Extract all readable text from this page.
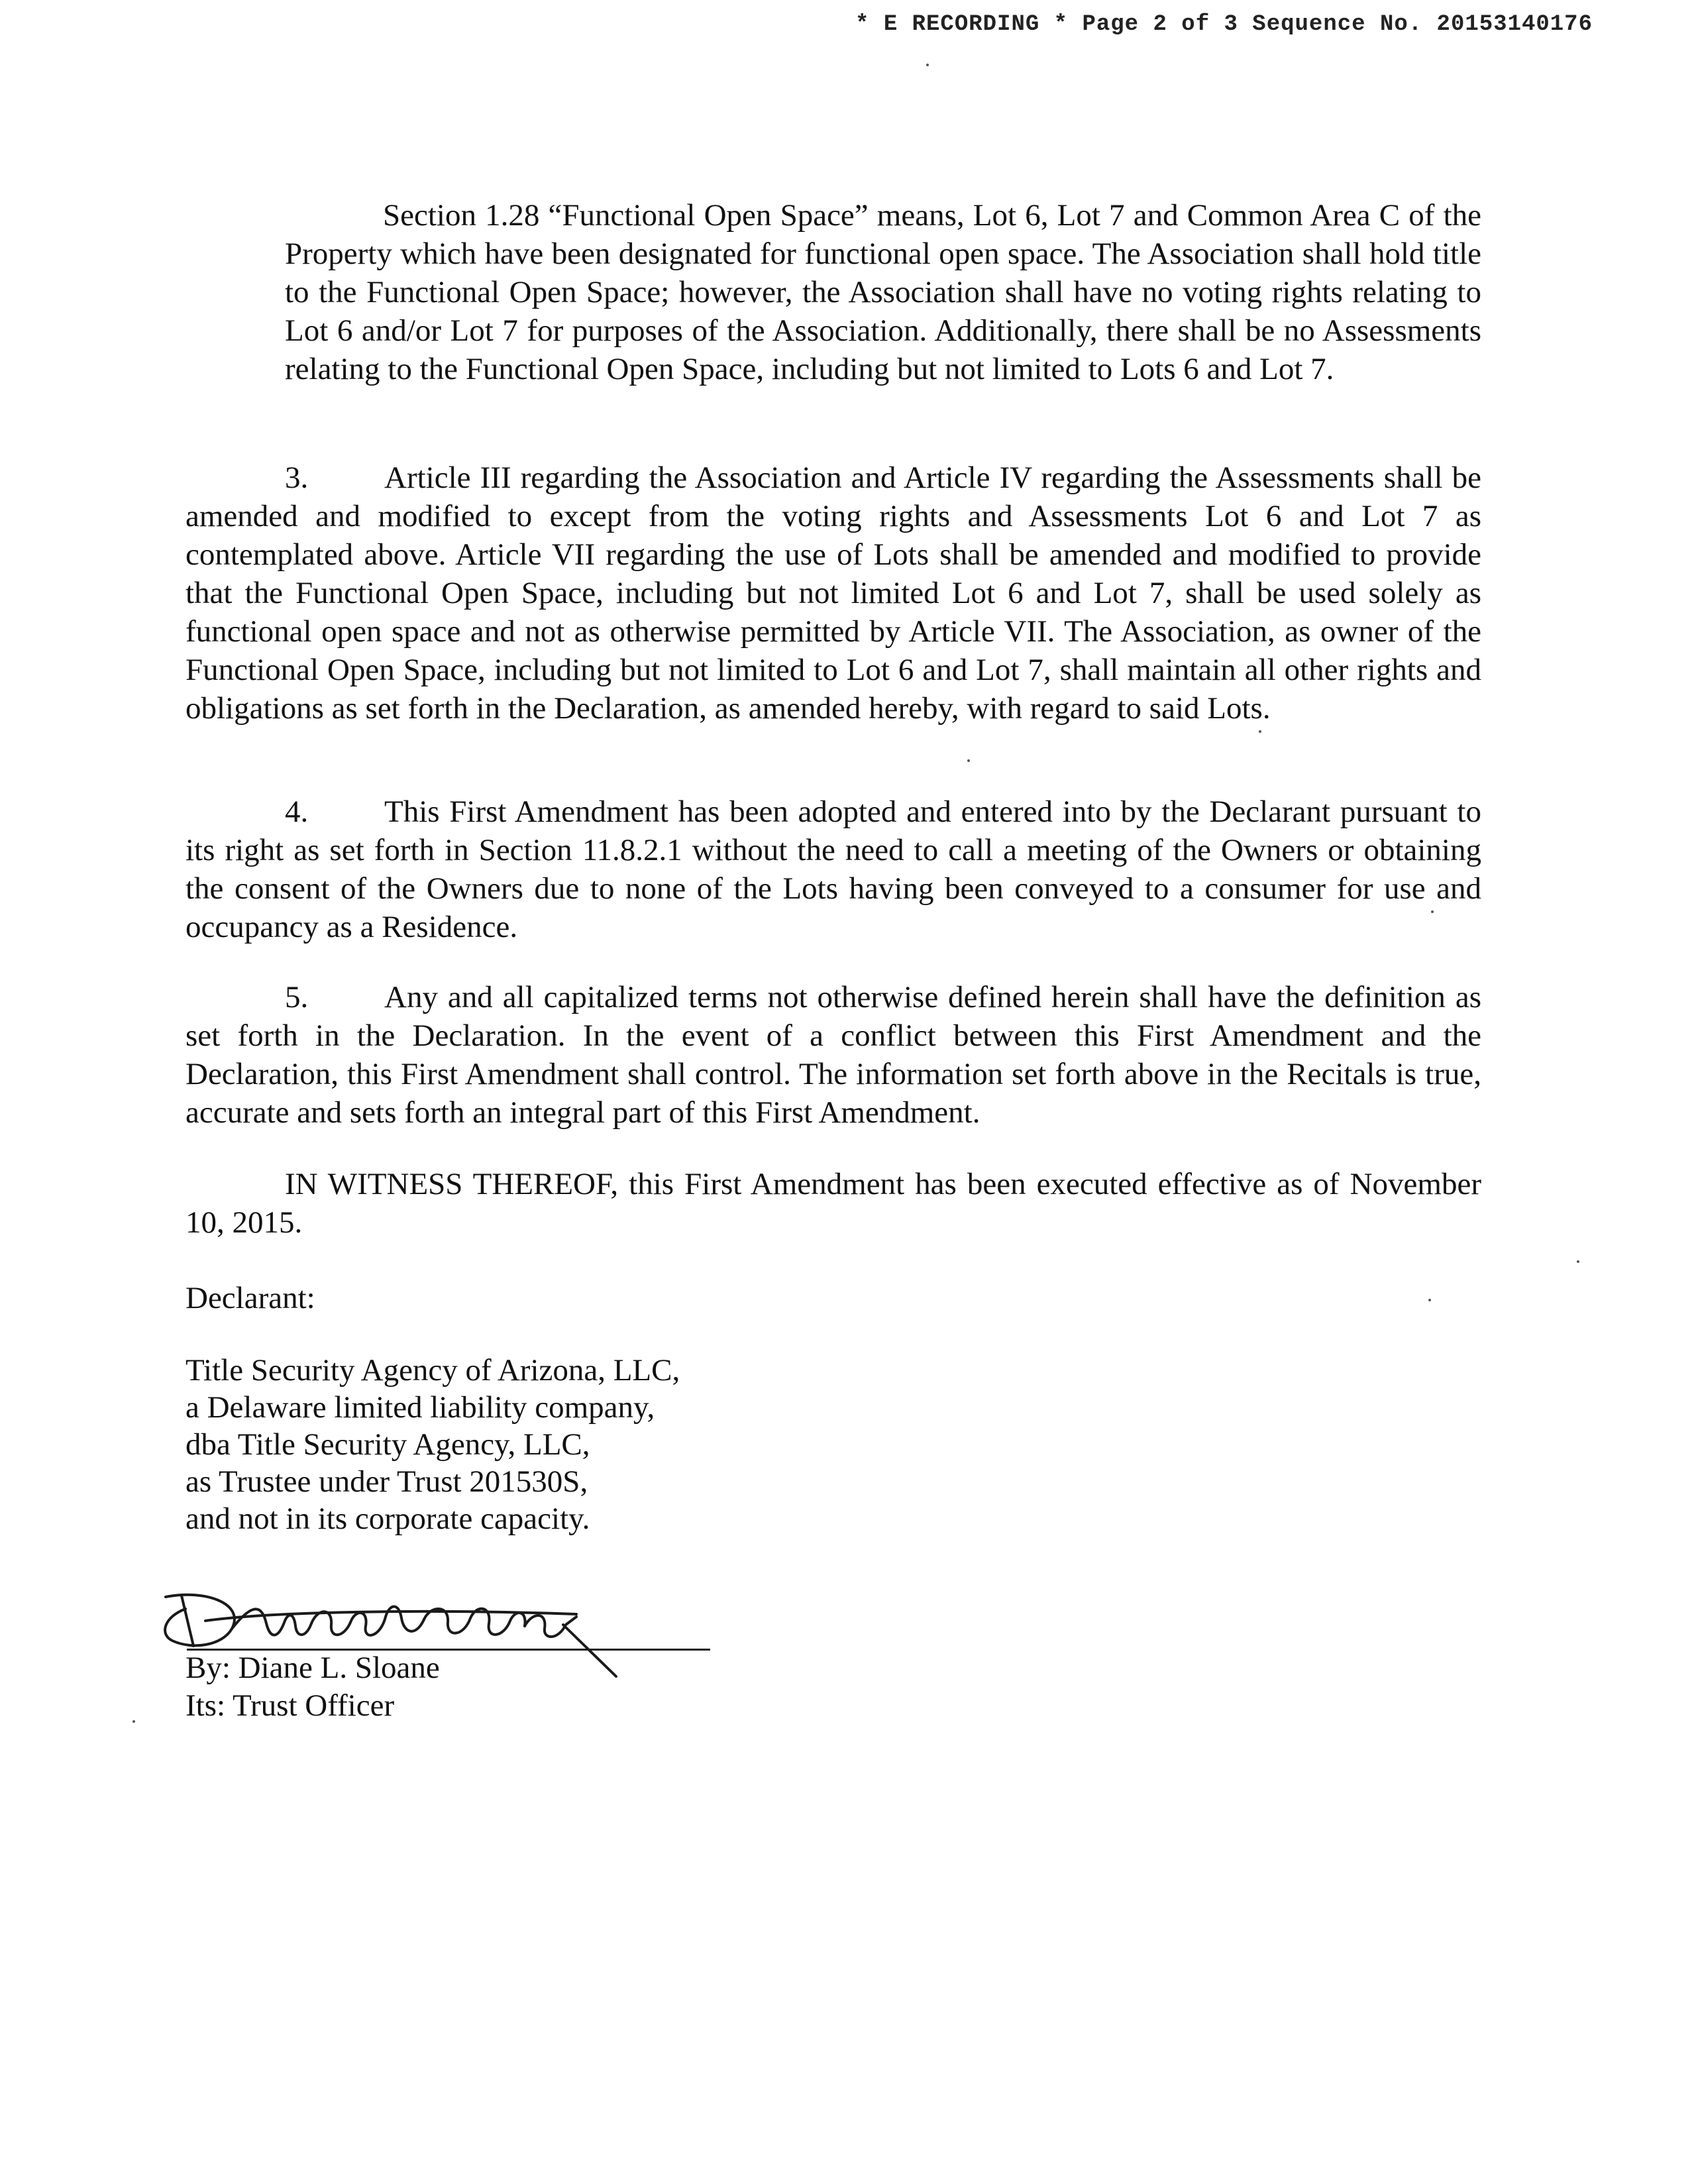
* E RECORDING * Page 2 of 3 Sequence No. 20153140176

Section 1.28 “Functional Open Space” means, Lot 6, Lot 7 and Common Area C of the Property which have been designated for functional open space. The Association shall hold title to the Functional Open Space; however, the Association shall have no voting rights relating to Lot 6 and/or Lot 7 for purposes of the Association. Additionally, there shall be no Assessments relating to the Functional Open Space, including but not limited to Lots 6 and Lot 7.

3. Article III regarding the Association and Article IV regarding the Assessments shall be amended and modified to except from the voting rights and Assessments Lot 6 and Lot 7 as contemplated above. Article VII regarding the use of Lots shall be amended and modified to provide that the Functional Open Space, including but not limited Lot 6 and Lot 7, shall be used solely as functional open space and not as otherwise permitted by Article VII. The Association, as owner of the Functional Open Space, including but not limited to Lot 6 and Lot 7, shall maintain all other rights and obligations as set forth in the Declaration, as amended hereby, with regard to said Lots.

4. This First Amendment has been adopted and entered into by the Declarant pursuant to its right as set forth in Section 11.8.2.1 without the need to call a meeting of the Owners or obtaining the consent of the Owners due to none of the Lots having been conveyed to a consumer for use and occupancy as a Residence.

5. Any and all capitalized terms not otherwise defined herein shall have the definition as set forth in the Declaration. In the event of a conflict between this First Amendment and the Declaration, this First Amendment shall control. The information set forth above in the Recitals is true, accurate and sets forth an integral part of this First Amendment.

IN WITNESS THEREOF, this First Amendment has been executed effective as of November 10, 2015.

Declarant:
Title Security Agency of Arizona, LLC,
a Delaware limited liability company,
dba Title Security Agency, LLC,
as Trustee under Trust 201530S,
and not in its corporate capacity.
By: Diane L. Sloane
Its: Trust Officer
